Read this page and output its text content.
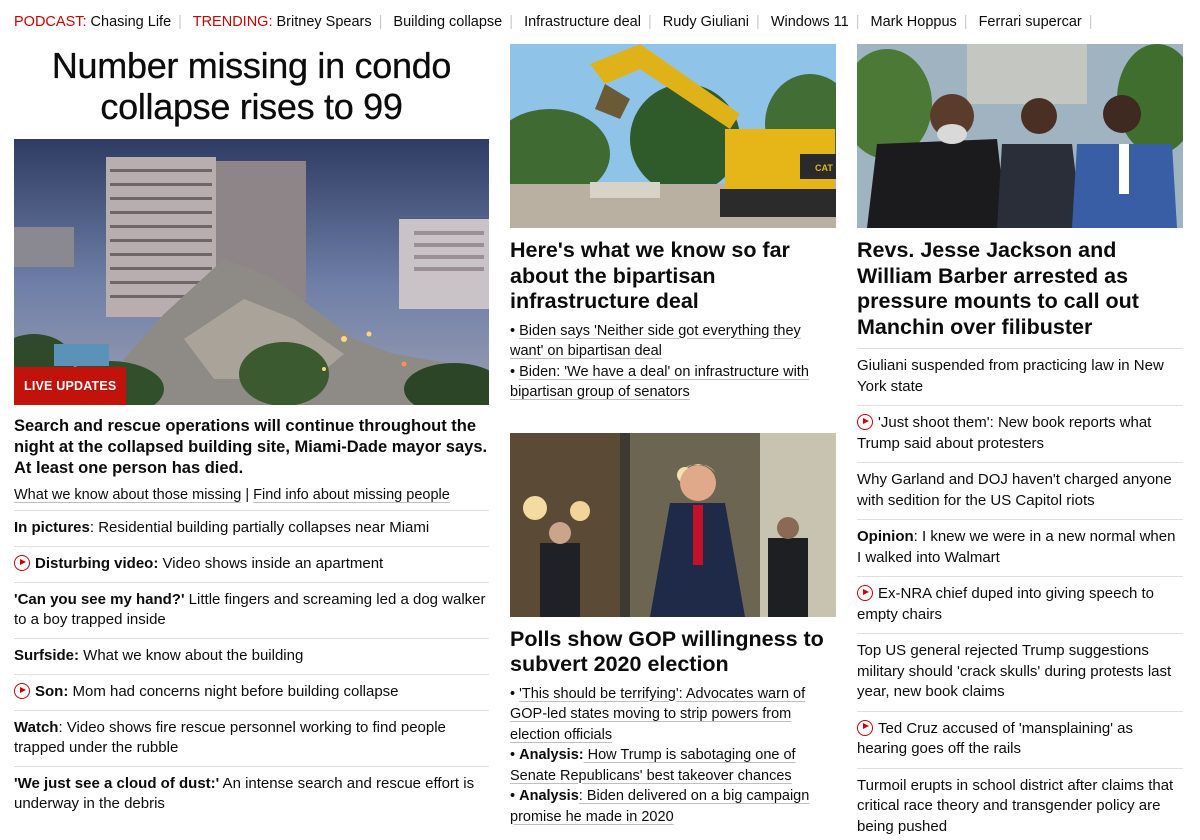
PODCAST: Chasing Life | TRENDING: Britney Spears | Building collapse | Infrastructure deal | Rudy Giuliani | Windows 11 | Mark Hoppus | Ferrari supercar |
Number missing in condo collapse rises to 99
LIVE UPDATES
Search and rescue operations will continue throughout the night at the collapsed building site, Miami-Dade mayor says. At least one person has died.
What we know about those missing | Find info about missing people
In pictures: Residential building partially collapses near Miami
Disturbing video: Video shows inside an apartment
'Can you see my hand?' Little fingers and screaming led a dog walker to a boy trapped inside
Surfside: What we know about the building
Son: Mom had concerns night before building collapse
Watch: Video shows fire rescue personnel working to find people trapped under the rubble
'We just see a cloud of dust:' An intense search and rescue effort is underway in the debris
CAT
Here's what we know so far about the bipartisan infrastructure deal
• Biden says 'Neither side got everything they want' on bipartisan deal
• Biden: 'We have a deal' on infrastructure with bipartisan group of senators
Polls show GOP willingness to subvert 2020 election
• 'This should be terrifying': Advocates warn of GOP-led states moving to strip powers from election officials
• Analysis: How Trump is sabotaging one of Senate Republicans' best takeover chances
• Analysis: Biden delivered on a big campaign promise he made in 2020
Revs. Jesse Jackson and William Barber arrested as pressure mounts to call out Manchin over filibuster
Giuliani suspended from practicing law in New York state
'Just shoot them': New book reports what Trump said about protesters
Why Garland and DOJ haven't charged anyone with sedition for the US Capitol riots
Opinion: I knew we were in a new normal when I walked into Walmart
Ex-NRA chief duped into giving speech to empty chairs
Top US general rejected Trump suggestions military should 'crack skulls' during protests last year, new book claims
Ted Cruz accused of 'mansplaining' as hearing goes off the rails
Turmoil erupts in school district after claims that critical race theory and transgender policy are being pushed
